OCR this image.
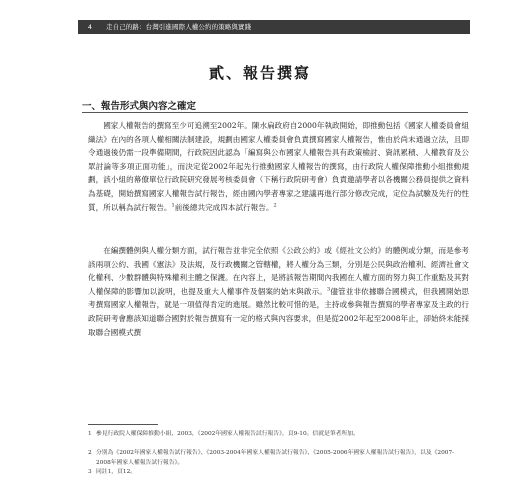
4	走自己的路：台灣引進國際人權公約的策略與實踐
貳、報告撰寫
一、報告形式與內容之確定

國家人權報告的撰寫至少可追溯至2002年。陳水扁政府自2000年執政開始，即推動包括《國家人權委員會組織法》在內的各項人權相關法制建設，規劃由國家人權委員會負責撰寫國家人權報告，惟由於尚未通過立法，且即令通過後仍需一段準備期間，行政院因此認為「編寫與公布國家人權報告具有政策檢討、資訊累積、人權教育及公眾討論等多項正面功能」，而決定從2002年起先行推動國家人權報告的撰寫，由行政院人權保障推動小組推動規劃，該小組的幕僚單位行政院研究發展考核委員會（下稱行政院研考會）負責邀請學者以各機關公務員提供之資料為基礎，開始撰寫國家人權報告試行報告，經由國內學者專家之建議再進行部分修改完成，定位為試驗及先行的性質，所以稱為試行報告。$^1$前後總共完成四本試行報告。$^2$

在編撰體例與人權分類方面，試行報告並非完全依照《公政公約》或《經社文公約》的體例或分類，而是參考該兩項公約、我國《憲法》及法規，及行政機關之管轄權，將人權分為三類，分別是公民與政治權利、經濟社會文化權利、少數群體與特殊權利主體之保護。在內容上，是將該報告期間內我國在人權方面的努力與工作重點及其對人權保障的影響加以說明，也提及重大人權事件及個案的始末與啟示。$^3$儘管並非依據聯合國模式，但我國開始思考撰寫國家人權報告，就是一項值得肯定的進展。雖然比較可惜的是，主持或參與報告撰寫的學者專家及主政的行政院研考會應該知道聯合國對於報告撰寫有一定的格式與內容要求，但是從2002年起至2008年止，卻始終未能採取聯合國模式撰

1 參見行政院人權保障推動小組，2003，《2002年國家人權報告試行報告》，頁9-10。信就是筆者所加。
2 分別為《2002年國家人權報告試行報告》、《2003-2004年國家人權報告試行報告》、《2005-2006年國家人權報告試行報告》，以及《2007-2008年國家人權報告試行報告》。
3 同註1，頁12。
